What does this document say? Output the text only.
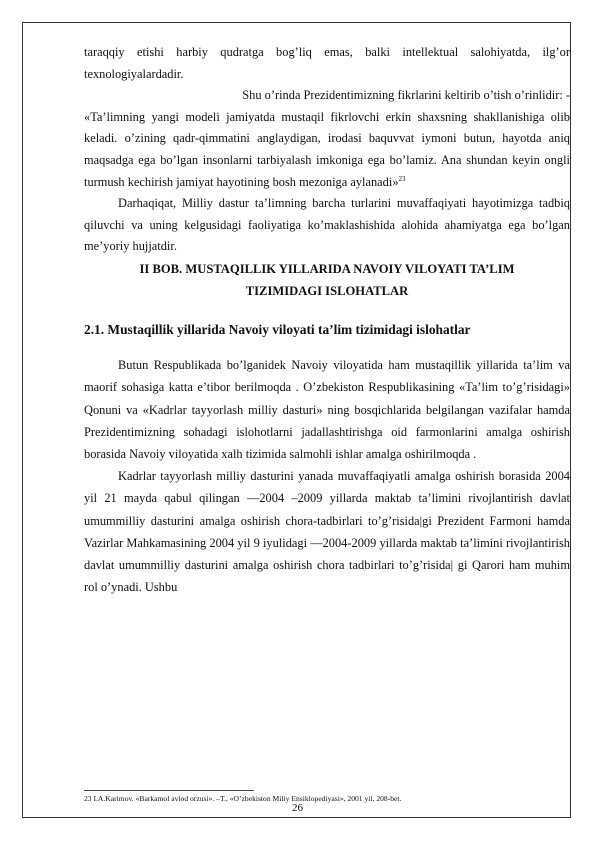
taraqqiy etishi harbiy qudratga bog’liq emas, balki intellektual salohiyatda, ilg’or texnologiyalardadir.

Shu o’rinda Prezidentimizning fikrlarini keltirib o’tish o’rinlidir: -

«Ta’limning yangi modeli jamiyatda mustaqil fikrlovchi erkin shaxsning shakllanishiga olib keladi. o’zining qadr-qimmatini anglaydigan, irodasi baquvvat iymoni butun, hayotda aniq maqsadga ega bo’lgan insonlarni tarbiyalash imkoniga ega bo’lamiz. Ana shundan keyin ongli turmush kechirish jamiyat hayotining bosh mezoniga aylanadi»$^{23}$

Darhaqiqat, Milliy dastur ta’limning barcha turlarini muvaffaqiyati hayotimizga tadbiq qiluvchi va uning kelgusidagi faoliyatiga ko’maklashishida alohida ahamiyatga ega bo’lgan me’yoriy hujjatdir.

II BOB. MUSTAQILLIK YILLARIDA NAVOIY VILOYATI TA’LIM
TIZIMIDAGI ISLOHATLAR
2.1. Mustaqillik yillarida Navoiy viloyati ta’lim tizimidagi islohatlar

Butun Respublikada bo’lganidek Navoiy viloyatida ham mustaqillik yillarida ta’lim va maorif sohasiga katta e’tibor berilmoqda . O’zbekiston Respublikasining «Ta’lim to’g’risidagi» Qonuni va «Kadrlar tayyorlash milliy dasturi» ning bosqichlarida belgilangan vazifalar hamda Prezidentimizning sohadagi islohotlarni jadallashtirishga oid farmonlarini amalga oshirish borasida Navoiy viloyatida xalh tizimida salmohli ishlar amalga oshirilmoqda .

Kadrlar tayyorlash milliy dasturini yanada muvaffaqiyatli amalga oshirish borasida 2004 yil 21 mayda qabul qilingan ―2004 –2009 yillarda maktab ta’limini rivojlantirish davlat umummilliy dasturini amalga oshirish chora-tadbirlari to’g’risida|gi Prezident Farmoni hamda Vazirlar Mahkamasining 2004 yil 9 iyulidagi ―2004-2009 yillarda maktab ta’limini rivojlantirish davlat umummilliy dasturini amalga oshirish chora tadbirlari to’g’risida| gi Qarori ham muhim rol o’ynadi. Ushbu

23 I.A.Karimov. «Barkamol avlod orzusi». –T., «O’zbekiston Miliy Ensiklopediyasi», 2001 yil, 208-bet.
26
